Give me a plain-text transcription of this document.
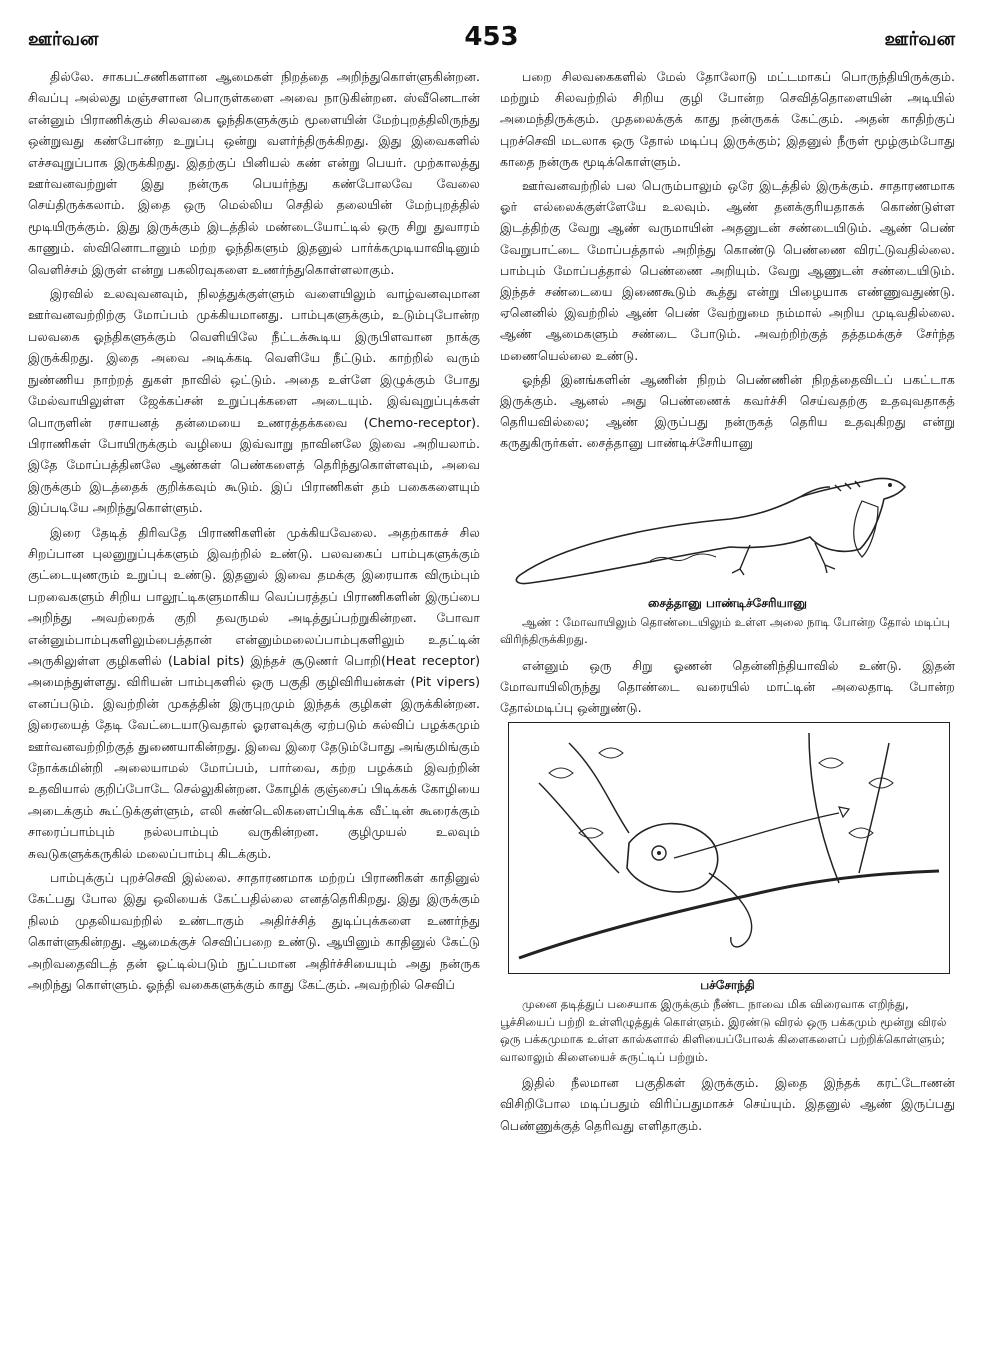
ஊர்வன	453	ஊர்வன

தில்லே. சாகபட்சணிகளான ஆமைகள் நிறத்தை அறிந்துகொள்ளுகின்றன. சிவப்பு அல்லது மஞ்சளான பொருள்களை அவை நாடுகின்றன. ஸ்வீனெடான் என்னும் பிராணிக்கும் சிலவகை ஓந்திகளுக்கும் மூளையின் மேற்புறத்திலிருந்து ஒன்றுவது கண்போன்ற உறுப்பு ஒன்று வளர்ந்திருக்கிறது. இது இவைகளில் எச்சவுறுப்பாக இருக்கிறது. இதற்குப் பினியல் கண் என்று பெயர். முற்காலத்து ஊர்வனவற்றுள் இது நன்ருக பெயர்ந்து கண்போலவே வேலை செய்திருக்கலாம். இதை ஒரு மெல்லிய செதில் தலையின் மேற்புறத்தில் மூடியிருக்கும். இது இருக்கும் இடத்தில் மண்டையோட்டில் ஒரு சிறு துவாரம் காணும். ஸ்வினொடானும் மற்ற ஓந்திகளும் இதனுல் பார்க்கமுடியாவிடினும் வெளிச்சம் இருள் என்று பகலிரவுகளை உணர்ந்துகொள்ளலாகும்.

இரவில் உலவுவனவும், நிலத்துக்குள்ளும் வளையிலும் வாழ்வனவுமான ஊர்வனவற்றிற்கு மோப்பம் முக்கியமானது. பாம்புகளுக்கும், உடும்புபோன்ற பலவகை ஓந்திகளுக்கும் வெளியிலே நீட்டக்கூடிய இருபிளவான நாக்கு இருக்கிறது. இதை அவை அடிக்கடி வெளியே நீட்டும். காற்றில் வரும் நுண்ணிய நாற்றத் துகள் நாவில் ஒட்டும். அதை உள்ளே இழுக்கும் போது மேல்வாயிலுள்ள ஜேக்கப்சன் உறுப்புக்களை அடையும். இவ்வுறுப்புக்கள் பொருளின் ரசாயனத் தன்மையை உணரத்தக்கவை (Chemo-receptor). பிராணிகள் போயிருக்கும் வழியை இவ்வாறு நாவினலே இவை அறியலாம். இதே மோப்பத்தினலே ஆண்கள் பெண்களைத் தெரிந்துகொள்ளவும், அவை இருக்கும் இடத்தைக் குறிக்கவும் கூடும். இப் பிராணிகள் தம் பகைகளையும் இப்படியே அறிந்துகொள்ளும்.

இரை தேடித் திரிவதே பிராணிகளின் முக்கியவேலை. அதற்காகச் சில சிறப்பான புலனுறுப்புக்களும் இவற்றில் உண்டு. பலவகைப் பாம்புகளுக்கும் குட்டையுணரும் உறுப்பு உண்டு. இதனுல் இவை தமக்கு இரையாக விரும்பும் பறவைகளும் சிறிய பாலூட்டிகளுமாகிய வெப்பரத்தப் பிராணிகளின் இருப்பை அறிந்து அவற்றைக் குறி தவருமல் அடித்துப்பற்றுகின்றன. போவா என்னும்பாம்புகளிலும்பைத்தான் என்னும்மலைப்பாம்புகளிலும் உதட்டின் அருகிலுள்ள குழிகளில் (Labial pits) இந்தச் சூடுணர் பொறி(Heat receptor) அமைந்துள்ளது. விரியன் பாம்புகளில் ஒரு பகுதி குழிவிரியன்கள் (Pit vipers) எனப்படும். இவற்றின் முகத்தின் இருபுறமும் இந்தக் குழிகள் இருக்கின்றன. இரையைத் தேடி வேட்டையாடுவதால் ஓரளவுக்கு ஏற்படும் கல்விப் பழக்கமும் ஊர்வனவற்றிற்குத் துணையாகின்றது. இவை இரை தேடும்போது அங்குமிங்கும் நோக்கமின்றி அலையாமல் மோப்பம், பார்வை, கற்ற பழக்கம் இவற்றின் உதவியால் குறிப்போடே செல்லுகின்றன. கோழிக் குஞ்சைப் பிடிக்கக் கோழியை அடைக்கும் கூட்டுக்குள்ளும், எலி சுண்டெலிகளைப்பிடிக்க வீட்டின் கூரைக்கும் சாரைப்பாம்பும் நல்லபாம்பும் வருகின்றன. குழிமுயல் உலவும் சுவடுகளுக்கருகில் மலைப்பாம்பு கிடக்கும்.

பாம்புக்குப் புறச்செவி இல்லை. சாதாரணமாக மற்றப் பிராணிகள் காதினுல் கேட்பது போல இது ஒலியைக் கேட்பதில்லை எனத்தெரிகிறது. இது இருக்கும் நிலம் முதலியவற்றில் உண்டாகும் அதிர்ச்சித் துடிப்புக்களை உணர்ந்து கொள்ளுகின்றது. ஆமைக்குச் செவிப்பறை உண்டு. ஆயினும் காதினுல் கேட்டு அறிவதைவிடத் தன் ஓட்டில்படும் நுட்பமான அதிர்ச்சியையும் அது நன்ருக அறிந்து கொள்ளும். ஓந்தி வகைகளுக்கும் காது கேட்கும். அவற்றில் செவிப்

பறை சிலவகைகளில் மேல் தோலோடு மட்டமாகப் பொருந்தியிருக்கும். மற்றும் சிலவற்றில் சிறிய குழி போன்ற செவித்தொளையின் அடியில் அமைந்திருக்கும். முதலைக்குக் காது நன்ருகக் கேட்கும். அதன் காதிற்குப் புறச்செவி மடலாக ஒரு தோல் மடிப்பு இருக்கும்; இதனுல் நீருள் மூழ்கும்போது காதை நன்ருக மூடிக்கொள்ளும்.

ஊர்வனவற்றில் பல பெரும்பாலும் ஒரே இடத்தில் இருக்கும். சாதாரணமாக ஓர் எல்லைக்குள்ளேயே உலவும். ஆண் தனக்குரியதாகக் கொண்டுள்ள இடத்திற்கு வேறு ஆண் வருமாயின் அதனுடன் சண்டையிடும். ஆண் பெண் வேறுபாட்டை மோப்பத்தால் அறிந்து கொண்டு பெண்ணை விரட்டுவதில்லை. பாம்பும் மோப்பத்தால் பெண்ணை அறியும். வேறு ஆணுடன் சண்டையிடும். இந்தச் சண்டையை இணைகூடும் கூத்து என்று பிழையாக எண்ணுவதுண்டு. ஏனெனில் இவற்றில் ஆண் பெண் வேற்றுமை நம்மால் அறிய முடிவதில்லை. ஆண் ஆமைகளும் சண்டை போடும். அவற்றிற்குத் தத்தமக்குச் சேர்ந்த மணையெல்லை உண்டு.

ஓந்தி இனங்களின் ஆணின் நிறம் பெண்ணின் நிறத்தைவிடப் பகட்டாக இருக்கும். ஆனல் அது பெண்ணைக் கவர்ச்சி செய்வதற்கு உதவுவதாகத் தெரியவில்லை; ஆண் இருப்பது நன்ருகத் தெரிய உதவுகிறது என்று கருதுகிருர்கள். சைத்தானு பாண்டிச்சேரியானு

சைத்தானு பாண்டிச்சேரியானு

ஆண் : மோவாயிலும் தொண்டையிலும் உள்ள அலை நாடி போன்ற தோல் மடிப்பு விரிந்திருக்கிறது.

என்னும் ஒரு சிறு ஓணன் தென்னிந்தியாவில் உண்டு. இதன் மோவாயிலிருந்து தொண்டை வரையில் மாட்டின் அலைதாடி போன்ற தோல்மடிப்பு ஒன்றுண்டு.

பச்சோந்தி

முனை தடித்துப் பசையாக இருக்கும் நீண்ட நாவை மிக விரைவாக எறிந்து, பூச்சியைப் பற்றி உள்ளிழுத்துக் கொள்ளும். இரண்டு விரல் ஒரு பக்கமும் மூன்று விரல் ஒரு பக்கமுமாக உள்ள கால்களால் கிளியைப்போலக் கிளைகளைப் பற்றிக்கொள்ளும்; வாலாலும் கிளையைச் சுருட்டிப் பற்றும்.

இதில் நீலமான பகுதிகள் இருக்கும். இதை இந்தக் கரட்டோணன் விசிறிபோல மடிப்பதும் விரிப்பதுமாகச் செய்யும். இதனுல் ஆண் இருப்பது பெண்ணுக்குத் தெரிவது எளிதாகும்.
